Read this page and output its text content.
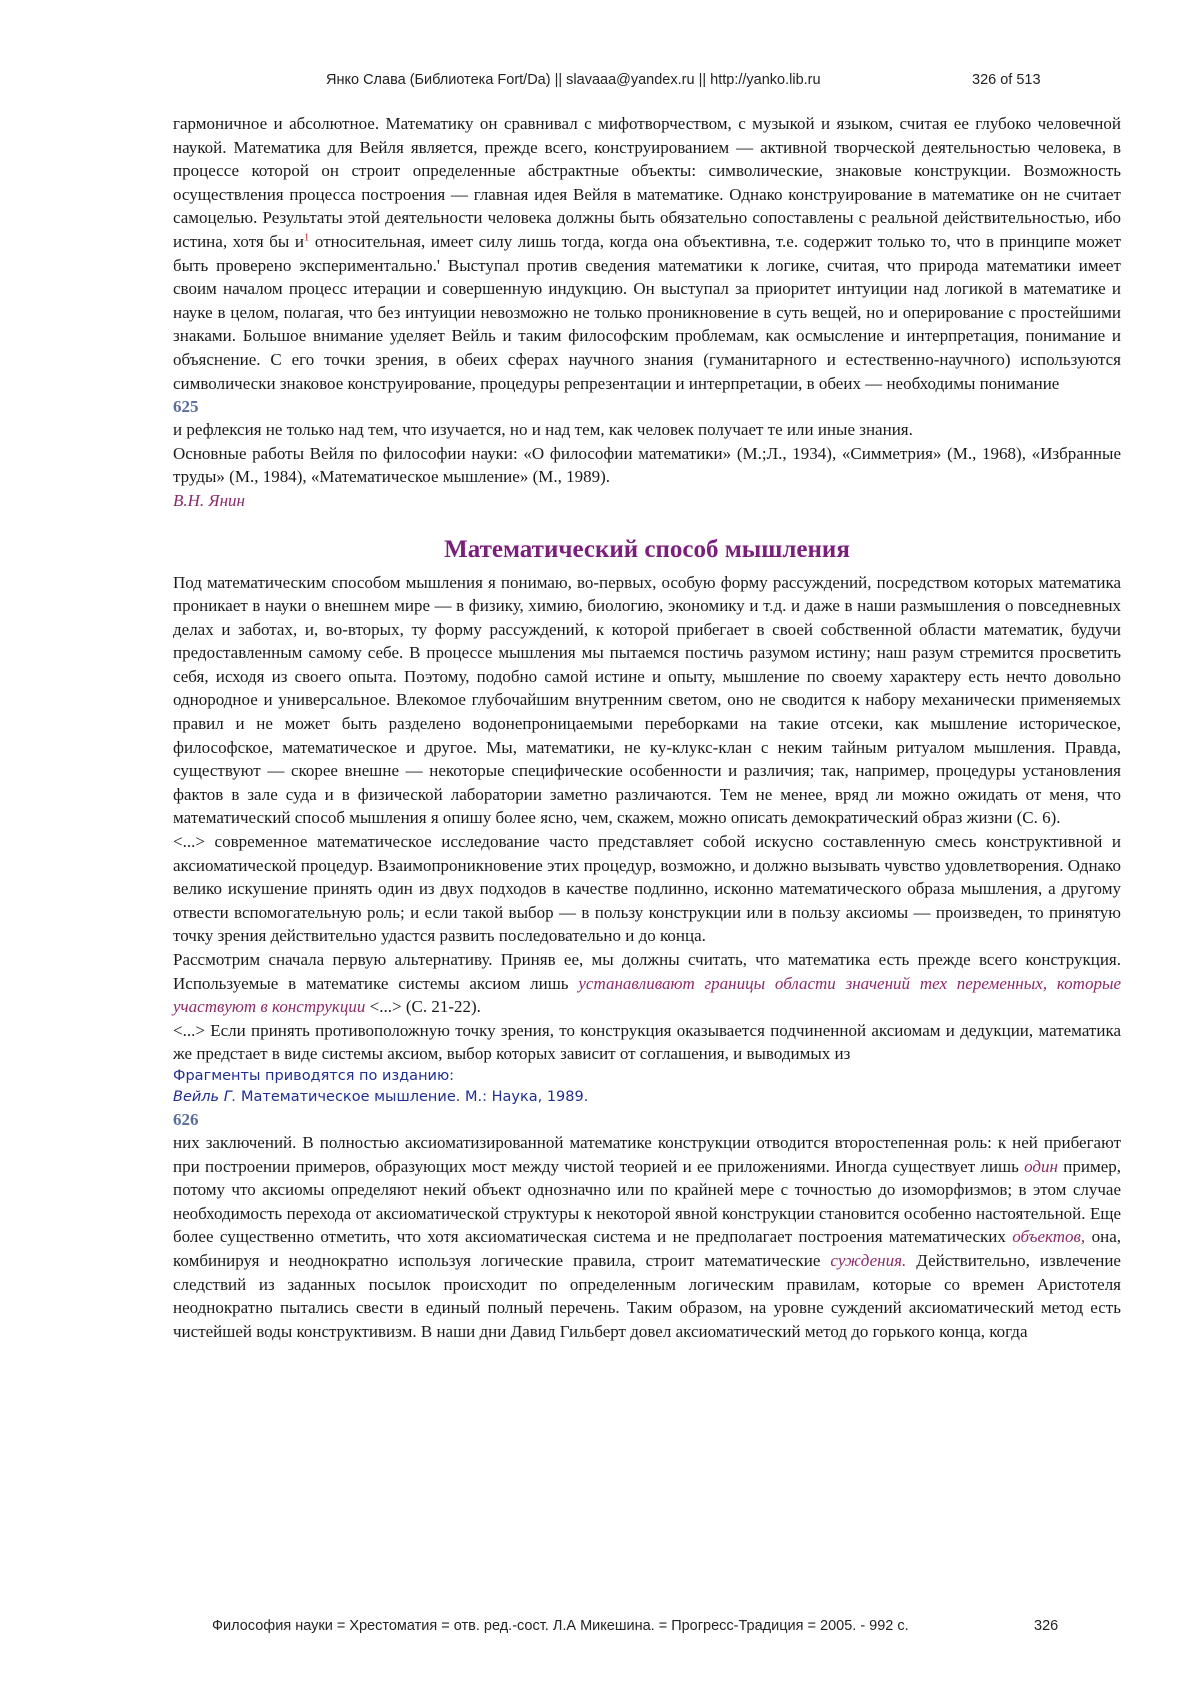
Янко Слава (Библиотека Fort/Da) || slavaaa@yandex.ru || http://yanko.lib.ru	326 of 513

гармоничное и абсолютное. Математику он сравнивал с мифотворчеством, с музыкой и языком, считая ее глубоко человечной наукой. Математика для Вейля является, прежде всего, конструированием — активной творческой деятельностью человека, в процессе которой он строит определенные абстрактные объекты: символические, знаковые конструкции. Возможность осуществления процесса построения — главная идея Вейля в математике. Однако конструирование в математике он не считает самоцелью. Результаты этой деятельности человека должны быть обязательно сопоставлены с реальной действительностью, ибо истина, хотя бы и$^1$ относительная, имеет силу лишь тогда, когда она объективна, т.е. содержит только то, что в принципе может быть проверено экспериментально.' Выступал против сведения математики к логике, считая, что природа математики имеет своим началом процесс итерации и совершенную индукцию. Он выступал за приоритет интуиции над логикой в математике и науке в целом, полагая, что без интуиции невозможно не только проникновение в суть вещей, но и оперирование с простейшими знаками. Большое внимание уделяет Вейль и таким философским проблемам, как осмысление и интерпретация, понимание и объяснение. С его точки зрения, в обеих сферах научного знания (гуманитарного и естественно-научного) используются символически знаковое конструирование, процедуры репрезентации и интерпретации, в обеих — необходимы понимание

625

и рефлексия не только над тем, что изучается, но и над тем, как человек получает те или иные знания.

Основные работы Вейля по философии науки: «О философии математики» (М.;Л., 1934), «Симметрия» (М., 1968), «Избранные труды» (М., 1984), «Математическое мышление» (М., 1989).

В.Н. Янин

Математический способ мышления

Под математическим способом мышления я понимаю, во-первых, особую форму рассуждений, посредством которых математика проникает в науки о внешнем мире — в физику, химию, биологию, экономику и т.д. и даже в наши размышления о повседневных делах и заботах, и, во-вторых, ту форму рассуждений, к которой прибегает в своей собственной области математик, будучи предоставленным самому себе. В процессе мышления мы пытаемся постичь разумом истину; наш разум стремится просветить себя, исходя из своего опыта. Поэтому, подобно самой истине и опыту, мышление по своему характеру есть нечто довольно однородное и универсальное. Влекомое глубочайшим внутренним светом, оно не сводится к набору механически применяемых правил и не может быть разделено водонепроницаемыми переборками на такие отсеки, как мышление историческое, философское, математическое и другое. Мы, математики, не ку-клукс-клан с неким тайным ритуалом мышления. Правда, существуют — скорее внешне — некоторые специфические особенности и различия; так, например, процедуры установления фактов в зале суда и в физической лаборатории заметно различаются. Тем не менее, вряд ли можно ожидать от меня, что математический способ мышления я опишу более ясно, чем, скажем, можно описать демократический образ жизни (С. 6).

<...> современное математическое исследование часто представляет собой искусно составленную смесь конструктивной и аксиоматической процедур. Взаимопроникновение этих процедур, возможно, и должно вызывать чувство удовлетворения. Однако велико искушение принять один из двух подходов в качестве подлинно, исконно математического образа мышления, а другому отвести вспомогательную роль; и если такой выбор — в пользу конструкции или в пользу аксиомы — произведен, то принятую точку зрения действительно удастся развить последовательно и до конца.

Рассмотрим сначала первую альтернативу. Приняв ее, мы должны считать, что математика есть прежде всего конструкция. Используемые в математике системы аксиом лишь устанавливают границы области значений тех переменных, которые участвуют в конструкции <...> (С. 21-22).

<...> Если принять противоположную точку зрения, то конструкция оказывается подчиненной аксиомам и дедукции, математика же предстает в виде системы аксиом, выбор которых зависит от соглашения, и выводимых из

Фрагменты приводятся по изданию:

Вейль Г. Математическое мышление. М.: Наука, 1989.

626

них заключений. В полностью аксиоматизированной математике конструкции отводится второстепенная роль: к ней прибегают при построении примеров, образующих мост между чистой теорией и ее приложениями. Иногда существует лишь один пример, потому что аксиомы определяют некий объект однозначно или по крайней мере с точностью до изоморфизмов; в этом случае необходимость перехода от аксиоматической структуры к некоторой явной конструкции становится особенно настоятельной. Еще более существенно отметить, что хотя аксиоматическая система и не предполагает построения математических объектов, она, комбинируя и неоднократно используя логические правила, строит математические суждения. Действительно, извлечение следствий из заданных посылок происходит по определенным логическим правилам, которые со времен Аристотеля неоднократно пытались свести в единый полный перечень. Таким образом, на уровне суждений аксиоматический метод есть чистейшей воды конструктивизм. В наши дни Давид Гильберт довел аксиоматический метод до горького конца, когда

Философия науки = Хрестоматия = отв. ред.-сост. Л.А Микешина. = Прогресс-Традиция = 2005. - 992 с.	326
